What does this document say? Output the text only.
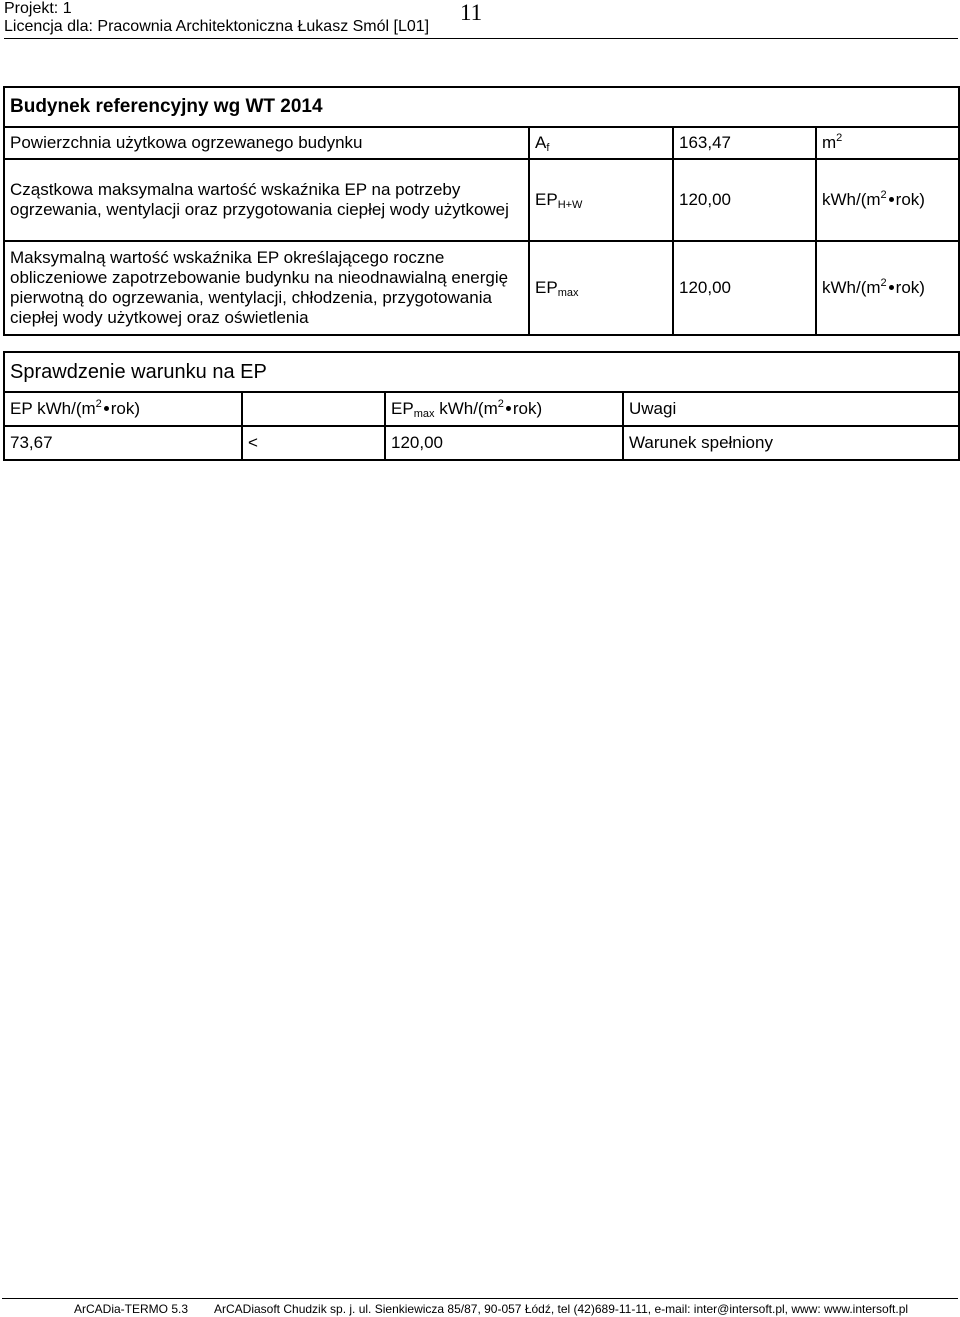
Projekt: 1
Licencja dla: Pracownia Architektoniczna Łukasz Smól [L01]
11
Budynek referencyjny wg WT 2014			
Powierzchnia użytkowa ogrzewanego budynku	$A_f$	163,47	$m^2$
Cząstkowa maksymalna wartość wskaźnika EP na potrzeby ogrzewania, wentylacji oraz przygotowania ciepłej wody użytkowej	$EP_{H+W}$	120,00	kWh/($m^2$ rok)
Maksymalną wartość wskaźnika EP określającego roczne obliczeniowe zapotrzebowanie budynku na nieodnawialną energię pierwotną do ogrzewania, wentylacji, chłodzenia, przygotowania ciepłej wody użytkowej oraz oświetlenia	$EP_{max}$	120,00	kWh/($m^2$ rok)
Sprawdzenie warunku na EP			
EP kWh/($m^2$ rok)		$EP_{max}$ kWh/($m^2$ rok)	Uwagi
73,67	<	120,00	Warunek spełniony
ArCADia-TERMO 5.3 ArCADiasoft Chudzik sp. j. ul. Sienkiewicza 85/87, 90-057 Łódź, tel (42)689-11-11, e-mail: inter@intersoft.pl, www: www.intersoft.pl
